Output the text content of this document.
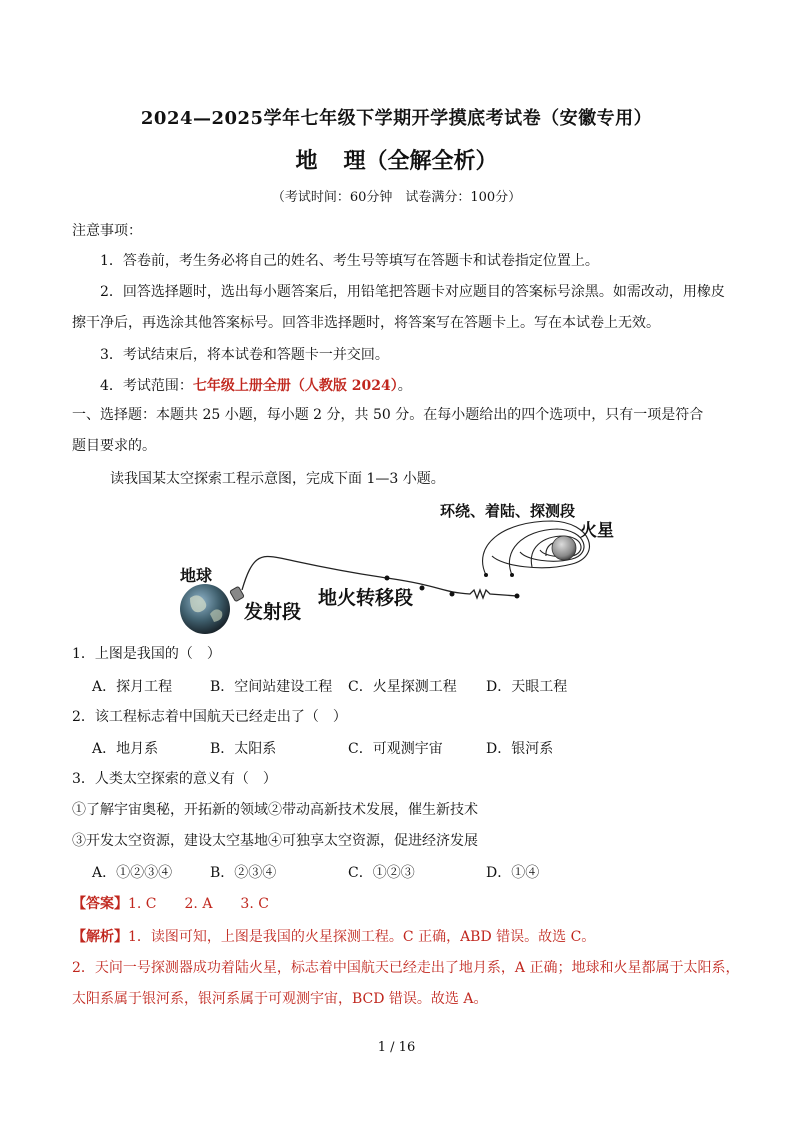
2024—2025学年七年级下学期开学摸底考试卷（安徽专用）
地 理（全解全析）
（考试时间：60分钟　试卷满分：100分）
注意事项：
1．答卷前，考生务必将自己的姓名、考生号等填写在答题卡和试卷指定位置上。
2．回答选择题时，选出每小题答案后，用铅笔把答题卡对应题目的答案标号涂黑。如需改动，用橡皮
擦干净后，再选涂其他答案标号。回答非选择题时，将答案写在答题卡上。写在本试卷上无效。
3．考试结束后，将本试卷和答题卡一并交回。
4．考试范围：七年级上册全册（人教版 2024）。
一、选择题：本题共 25 小题，每小题 2 分，共 50 分。在每小题给出的四个选项中，只有一项是符合
题目要求的。
读我国某太空探索工程示意图，完成下面 1—3 小题。
地球
发射段
地火转移段
环绕、着陆、探测段
火星
1．上图是我国的（　）
A．探月工程	B．空间站建设工程 C．火星探测工程 D．天眼工程
2．该工程标志着中国航天已经走出了（　）
A．地月系	B．太阳系	C．可观测宇宙	D．银河系
3．人类太空探索的意义有（　）
①了解宇宙奥秘，开拓新的领域②带动高新技术发展，催生新技术
③开发太空资源，建设太空基地④可独享太空资源，促进经济发展
A．①②③④	B．②③④	C．①②③	D．①④
【答案】1. C　　2. A　　3. C
【解析】1．读图可知，上图是我国的火星探测工程。C 正确，ABD 错误。故选 C。
2．天问一号探测器成功着陆火星，标志着中国航天已经走出了地月系，A 正确；地球和火星都属于太阳系，
太阳系属于银河系，银河系属于可观测宇宙，BCD 错误。故选 A。
1 / 16
